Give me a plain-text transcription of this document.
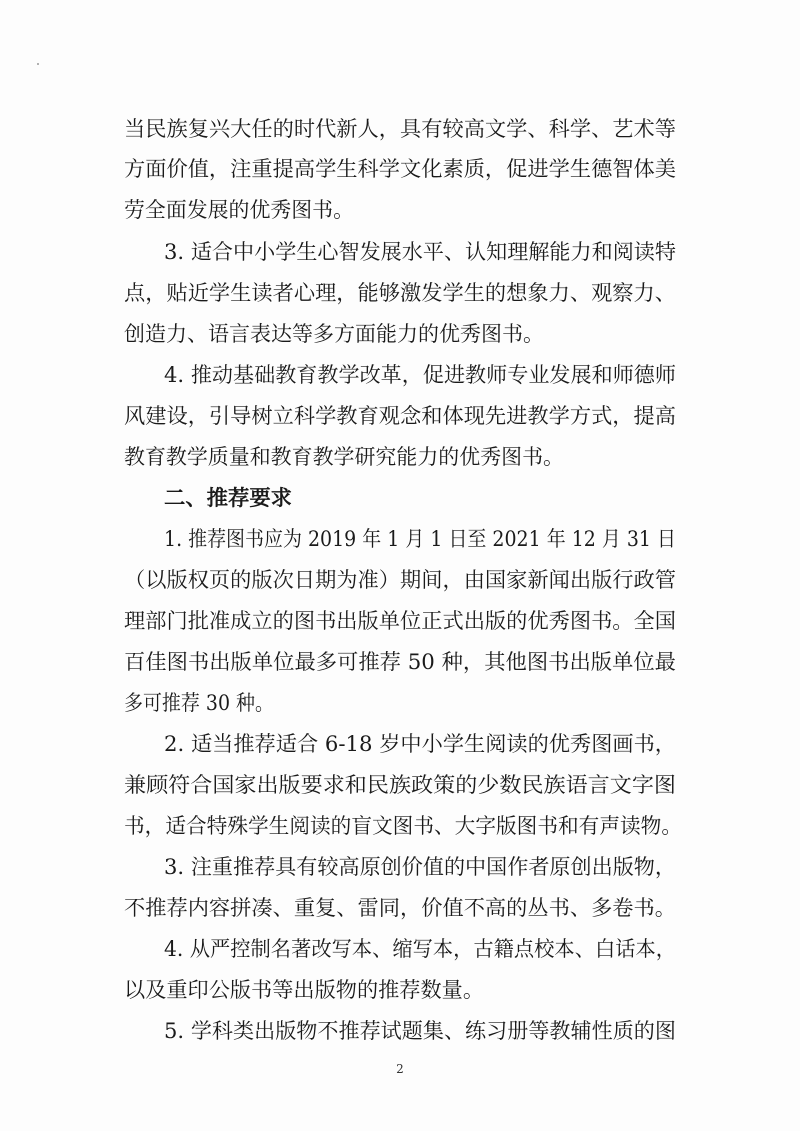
当民族复兴大任的时代新人，具有较高文学、科学、艺术等
方面价值，注重提高学生科学文化素质，促进学生德智体美
劳全面发展的优秀图书。
3. 适合中小学生心智发展水平、认知理解能力和阅读特
点，贴近学生读者心理，能够激发学生的想象力、观察力、
创造力、语言表达等多方面能力的优秀图书。
4. 推动基础教育教学改革，促进教师专业发展和师德师
风建设，引导树立科学教育观念和体现先进教学方式，提高
教育教学质量和教育教学研究能力的优秀图书。
二、推荐要求
1. 推荐图书应为 2019 年 1 月 1 日至 2021 年 12 月 31 日
（以版权页的版次日期为准）期间，由国家新闻出版行政管
理部门批准成立的图书出版单位正式出版的优秀图书。全国
百佳图书出版单位最多可推荐 50 种，其他图书出版单位最
多可推荐 30 种。
2. 适当推荐适合 6-18 岁中小学生阅读的优秀图画书，
兼顾符合国家出版要求和民族政策的少数民族语言文字图
书，适合特殊学生阅读的盲文图书、大字版图书和有声读物。
3. 注重推荐具有较高原创价值的中国作者原创出版物，
不推荐内容拼凑、重复、雷同，价值不高的丛书、多卷书。
4. 从严控制名著改写本、缩写本，古籍点校本、白话本，
以及重印公版书等出版物的推荐数量。
5. 学科类出版物不推荐试题集、练习册等教辅性质的图
2
